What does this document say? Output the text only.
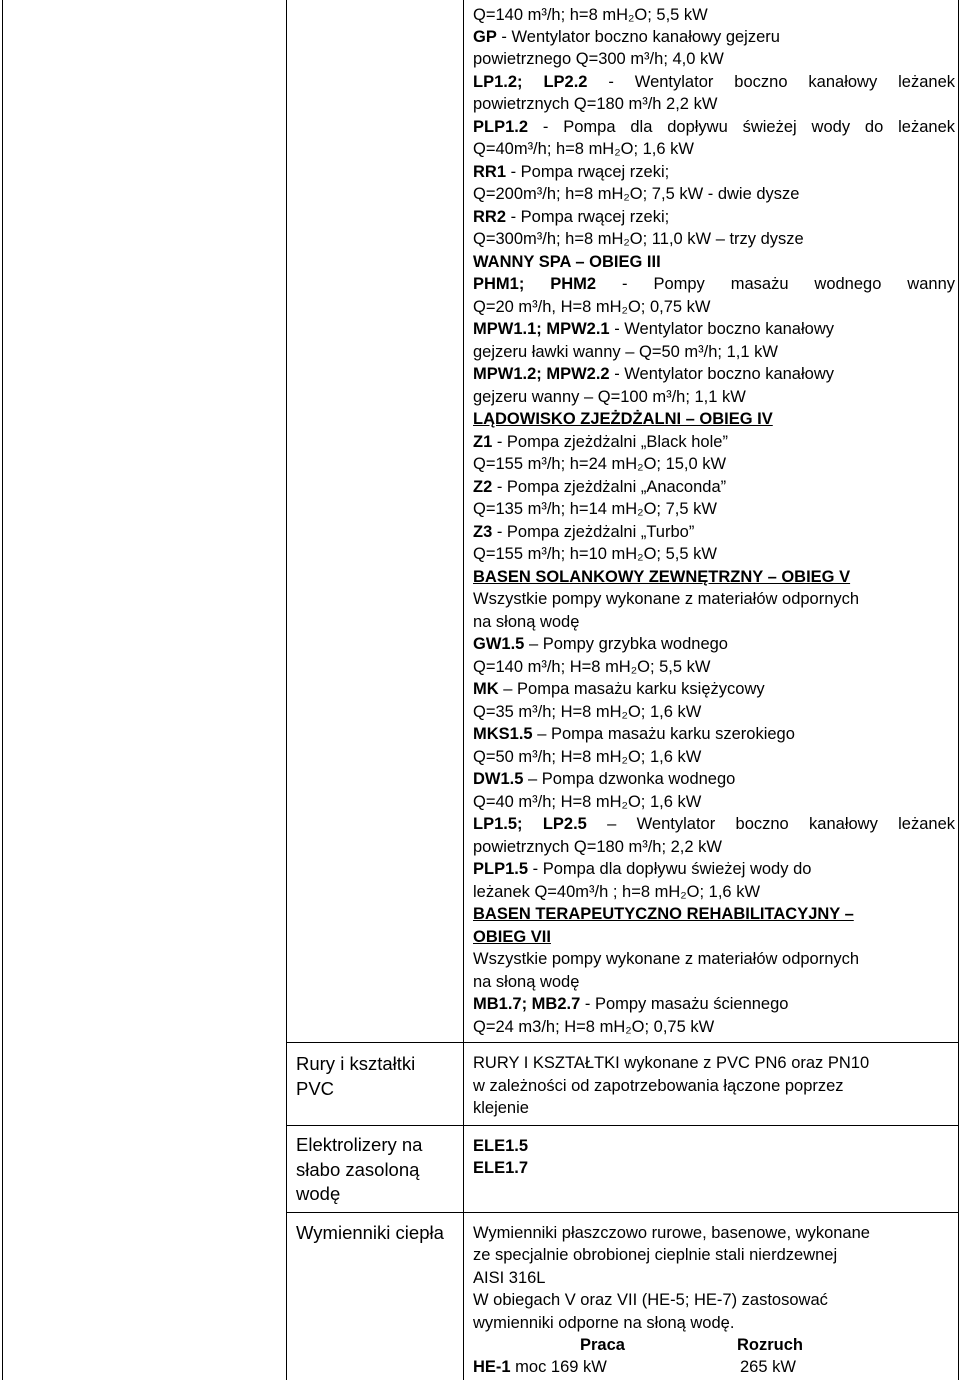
Rury i kształtki PVC
Elektrolizery na słabo zasoloną wodę
Wymienniki ciepła
Q=140 m³/h; h=8 mH₂O; 5,5 kW
GP - Wentylator boczno kanałowy gejzeru
powietrznego Q=300 m³/h; 4,0 kW
LP1.2; LP2.2 - Wentylator boczno kanałowy leżanek
powietrznych Q=180 m³/h 2,2 kW
PLP1.2 - Pompa dla dopływu świeżej wody do leżanek
Q=40m³/h; h=8 mH₂O; 1,6 kW
RR1 - Pompa rwącej rzeki;
Q=200m³/h; h=8 mH₂O; 7,5 kW - dwie dysze
RR2 - Pompa rwącej rzeki;
Q=300m³/h; h=8 mH₂O; 11,0 kW – trzy dysze
WANNY SPA – OBIEG III
PHM1; PHM2 - Pompy masażu wodnego wanny
Q=20 m³/h, H=8 mH₂O; 0,75 kW
MPW1.1; MPW2.1 - Wentylator boczno kanałowy
gejzeru ławki wanny – Q=50 m³/h; 1,1 kW
MPW1.2; MPW2.2 - Wentylator boczno kanałowy
gejzeru wanny – Q=100 m³/h; 1,1 kW
LĄDOWISKO ZJEŻDŻALNI – OBIEG IV
Z1 - Pompa zjeżdżalni „Black hole”
Q=155 m³/h; h=24 mH₂O; 15,0 kW
Z2 - Pompa zjeżdżalni „Anaconda”
Q=135 m³/h; h=14 mH₂O; 7,5 kW
Z3 - Pompa zjeżdżalni „Turbo”
Q=155 m³/h; h=10 mH₂O; 5,5 kW
BASEN SOLANKOWY ZEWNĘTRZNY – OBIEG V
Wszystkie pompy wykonane z materiałów odpornych
na słoną wodę
GW1.5 – Pompy grzybka wodnego
Q=140 m³/h; H=8 mH₂O; 5,5 kW
MK – Pompa masażu karku księżycowy
Q=35 m³/h; H=8 mH₂O; 1,6 kW
MKS1.5 – Pompa masażu karku szerokiego
Q=50 m³/h; H=8 mH₂O; 1,6 kW
DW1.5 – Pompa dzwonka wodnego
Q=40 m³/h; H=8 mH₂O; 1,6 kW
LP1.5; LP2.5 – Wentylator boczno kanałowy leżanek
powietrznych Q=180 m³/h; 2,2 kW
PLP1.5 - Pompa dla dopływu świeżej wody do
leżanek Q=40m³/h ; h=8 mH₂O; 1,6 kW
BASEN TERAPEUTYCZNO REHABILITACYJNY –
OBIEG VII
Wszystkie pompy wykonane z materiałów odpornych
na słoną wodę
MB1.7; MB2.7 - Pompy masażu ściennego
Q=24 m3/h; H=8 mH₂O; 0,75 kW
RURY I KSZTAŁTKI wykonane z PVC PN6 oraz PN10
w zależności od zapotrzebowania łączone poprzez
klejenie
ELE1.5
ELE1.7
Wymienniki płaszczowo rurowe, basenowe, wykonane
ze specjalnie obrobionej cieplnie stali nierdzewnej
AISI 316L
W obiegach V oraz VII (HE-5; HE-7) zastosować
wymienniki odporne na słoną wodę.
Praca	Rozruch
HE-1 moc 169 kW	265 kW
